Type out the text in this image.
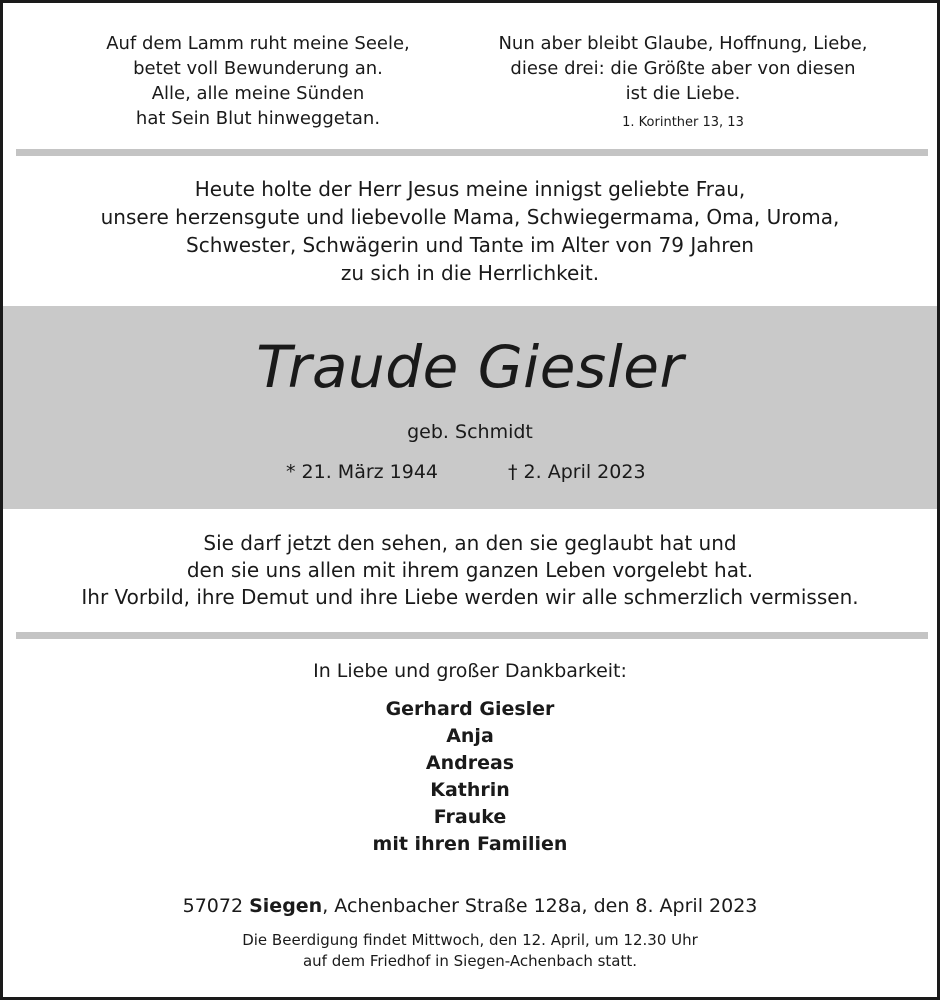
Auf dem Lamm ruht meine Seele,
betet voll Bewunderung an.
Alle, alle meine Sünden
hat Sein Blut hinweggetan.
Nun aber bleibt Glaube, Hoffnung, Liebe,
diese drei: die Größte aber von diesen
ist die Liebe.
1. Korinther 13, 13
Heute holte der Herr Jesus meine innigst geliebte Frau,
unsere herzensgute und liebevolle Mama, Schwiegermama, Oma, Uroma,
Schwester, Schwägerin und Tante im Alter von 79 Jahren
zu sich in die Herrlichkeit.
Traude Giesler
geb. Schmidt
* 21. März 1944	† 2. April 2023
Sie darf jetzt den sehen, an den sie geglaubt hat und
den sie uns allen mit ihrem ganzen Leben vorgelebt hat.
Ihr Vorbild, ihre Demut und ihre Liebe werden wir alle schmerzlich vermissen.
In Liebe und großer Dankbarkeit:
Gerhard Giesler
Anja
Andreas
Kathrin
Frauke
mit ihren Familien
57072 Siegen, Achenbacher Straße 128a, den 8. April 2023
Die Beerdigung findet Mittwoch, den 12. April, um 12.30 Uhr
auf dem Friedhof in Siegen-Achenbach statt.
